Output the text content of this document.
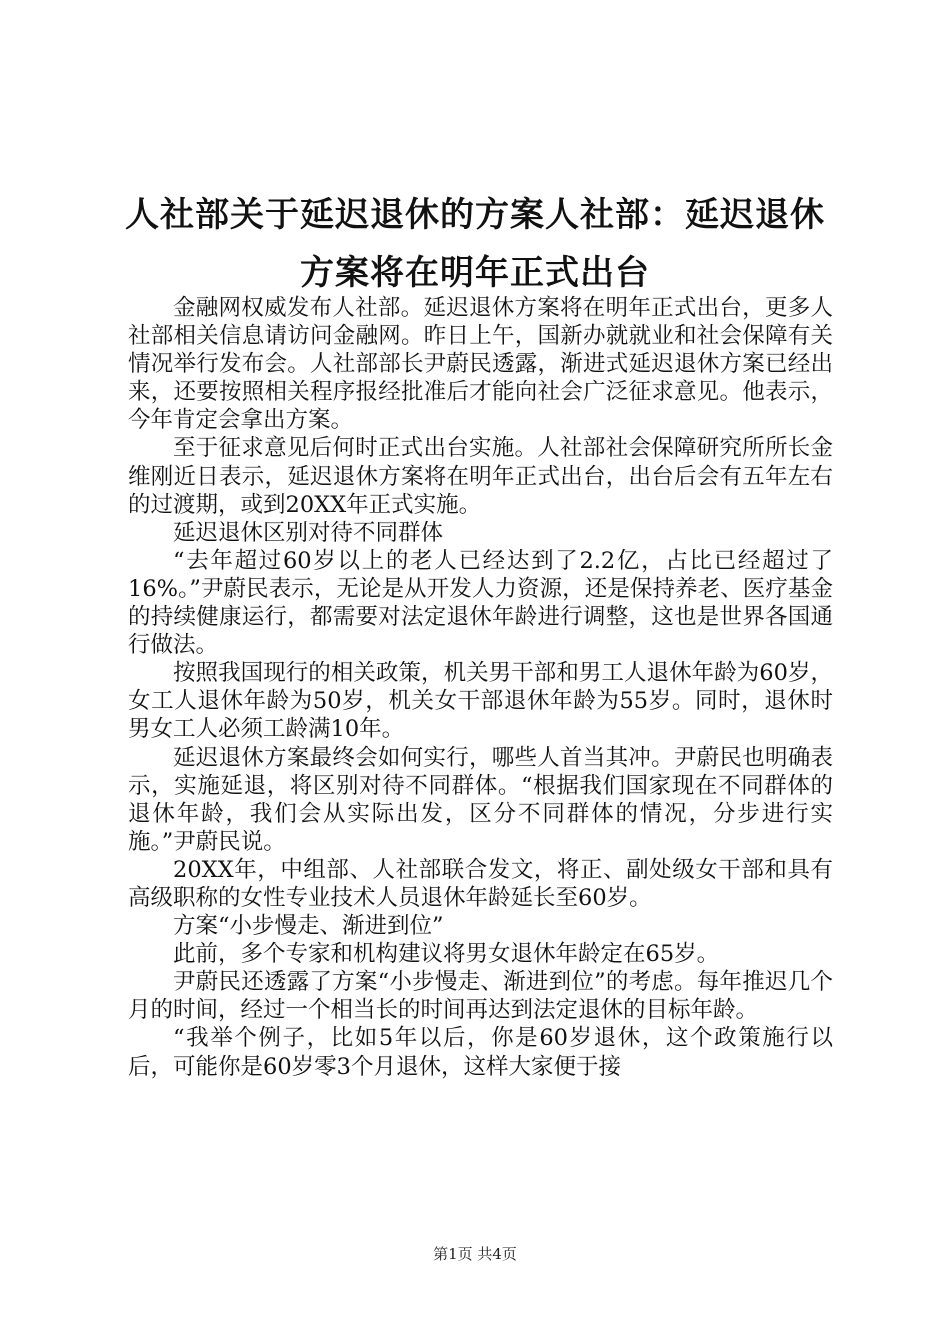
人社部关于延迟退休的方案人社部：延迟退休方案将在明年正式出台

金融网权威发布人社部。延迟退休方案将在明年正式出台，更多人社部相关信息请访问金融网。昨日上午，国新办就就业和社会保障有关情况举行发布会。人社部部长尹蔚民透露，渐进式延迟退休方案已经出来，还要按照相关程序报经批准后才能向社会广泛征求意见。他表示，今年肯定会拿出方案。

至于征求意见后何时正式出台实施。人社部社会保障研究所所长金维刚近日表示，延迟退休方案将在明年正式出台，出台后会有五年左右的过渡期，或到20XX年正式实施。

延迟退休区别对待不同群体

“去年超过60岁以上的老人已经达到了2.2亿，占比已经超过了16%。”尹蔚民表示，无论是从开发人力资源，还是保持养老、医疗基金的持续健康运行，都需要对法定退休年龄进行调整，这也是世界各国通行做法。

按照我国现行的相关政策，机关男干部和男工人退休年龄为60岁，女工人退休年龄为50岁，机关女干部退休年龄为55岁。同时，退休时男女工人必须工龄满10年。

延迟退休方案最终会如何实行，哪些人首当其冲。尹蔚民也明确表示，实施延退，将区别对待不同群体。“根据我们国家现在不同群体的退休年龄，我们会从实际出发，区分不同群体的情况，分步进行实施。”尹蔚民说。

20XX年，中组部、人社部联合发文，将正、副处级女干部和具有高级职称的女性专业技术人员退休年龄延长至60岁。

方案“小步慢走、渐进到位”

此前，多个专家和机构建议将男女退休年龄定在65岁。

尹蔚民还透露了方案“小步慢走、渐进到位”的考虑。每年推迟几个月的时间，经过一个相当长的时间再达到法定退休的目标年龄。

“我举个例子，比如5年以后，你是60岁退休，这个政策施行以后，可能你是60岁零3个月退休，这样大家便于接

第1页 共4页
